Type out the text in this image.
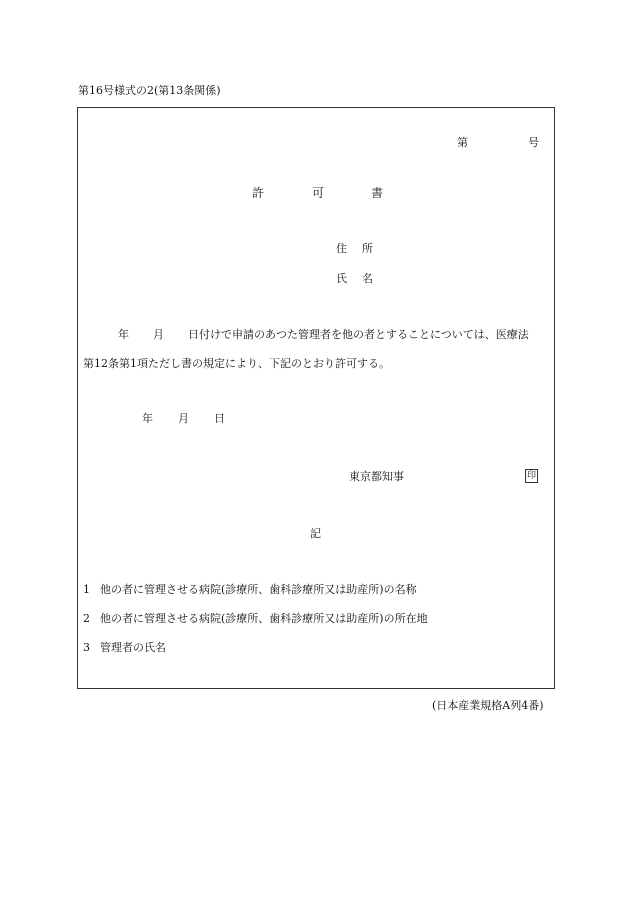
第16号様式の2(第13条関係)
第	号
許	可	書
住 所
氏 名
年 月 日付けで申請のあつた管理者を他の者とすることについては、医療法
第12条第1項ただし書の規定により、下記のとおり許可する。
年 月 日
東京都知事	印
記
1 他の者に管理させる病院(診療所、歯科診療所又は助産所)の名称
2 他の者に管理させる病院(診療所、歯科診療所又は助産所)の所在地
3 管理者の氏名
(日本産業規格A列4番)
